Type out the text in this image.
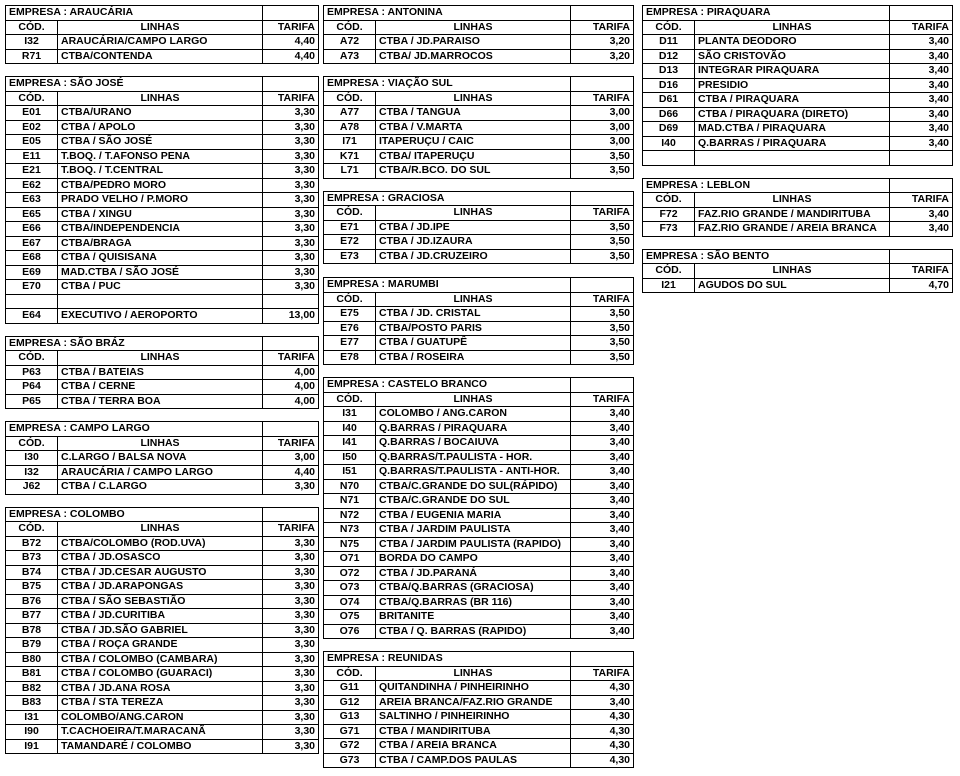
EMPRESA : ARAUCÁRIA		
CÓD.	LINHAS	TARIFA
I32	ARAUCÁRIA/CAMPO LARGO	4,40
R71	CTBA/CONTENDA	4,40
EMPRESA : SÃO JOSÉ		
CÓD.	LINHAS	TARIFA
E01	CTBA/URANO	3,30
E02	CTBA / APOLO	3,30
E05	CTBA / SÃO JOSÉ	3,30
E11	T.BOQ. / T.AFONSO PENA	3,30
E21	T.BOQ. / T.CENTRAL	3,30
E62	CTBA/PEDRO MORO	3,30
E63	PRADO VELHO / P.MORO	3,30
E65	CTBA / XINGU	3,30
E66	CTBA/INDEPENDENCIA	3,30
E67	CTBA/BRAGA	3,30
E68	CTBA / QUISISANA	3,30
E69	MAD.CTBA / SÃO JOSÉ	3,30
E70	CTBA / PUC	3,30

E64	EXECUTIVO / AEROPORTO	13,00
EMPRESA : SÃO BRÁZ		
CÓD.	LINHAS	TARIFA
P63	CTBA / BATEIAS	4,00
P64	CTBA / CERNE	4,00
P65	CTBA / TERRA BOA	4,00
EMPRESA : CAMPO LARGO		
CÓD.	LINHAS	TARIFA
I30	C.LARGO / BALSA NOVA	3,00
I32	ARAUCÁRIA / CAMPO LARGO	4,40
J62	CTBA / C.LARGO	3,30
EMPRESA : COLOMBO		
CÓD.	LINHAS	TARIFA
B72	CTBA/COLOMBO (ROD.UVA)	3,30
B73	CTBA / JD.OSASCO	3,30
B74	CTBA / JD.CESAR AUGUSTO	3,30
B75	CTBA / JD.ARAPONGAS	3,30
B76	CTBA / SÃO SEBASTIÃO	3,30
B77	CTBA / JD.CURITIBA	3,30
B78	CTBA / JD.SÃO GABRIEL	3,30
B79	CTBA / ROÇA GRANDE	3,30
B80	CTBA / COLOMBO (CAMBARA)	3,30
B81	CTBA / COLOMBO (GUARACI)	3,30
B82	CTBA / JD.ANA ROSA	3,30
B83	CTBA / STA TEREZA	3,30
I31	COLOMBO/ANG.CARON	3,30
I90	T.CACHOEIRA/T.MARACANÃ	3,30
I91	TAMANDARÉ / COLOMBO	3,30
EMPRESA : ANTONINA		
CÓD.	LINHAS	TARIFA
A72	CTBA / JD.PARAISO	3,20
A73	CTBA/ JD.MARROCOS	3,20
EMPRESA : VIAÇÃO SUL		
CÓD.	LINHAS	TARIFA
A77	CTBA / TANGUA	3,00
A78	CTBA / V.MARTA	3,00
I71	ITAPERUÇU / CAIC	3,00
K71	CTBA/ ITAPERUÇU	3,50
L71	CTBA/R.BCO. DO SUL	3,50
EMPRESA : GRACIOSA		
CÓD.	LINHAS	TARIFA
E71	CTBA / JD.IPE	3,50
E72	CTBA / JD.IZAURA	3,50
E73	CTBA / JD.CRUZEIRO	3,50
EMPRESA : MARUMBI		
CÓD.	LINHAS	TARIFA
E75	CTBA / JD. CRISTAL	3,50
E76	CTBA/POSTO PARIS	3,50
E77	CTBA / GUATUPÊ	3,50
E78	CTBA / ROSEIRA	3,50
EMPRESA : CASTELO BRANCO		
CÓD.	LINHAS	TARIFA
I31	COLOMBO / ANG.CARON	3,40
I40	Q.BARRAS / PIRAQUARA	3,40
I41	Q.BARRAS / BOCAIUVA	3,40
I50	Q.BARRAS/T.PAULISTA - HOR.	3,40
I51	Q.BARRAS/T.PAULISTA - ANTI-HOR.	3,40
N70	CTBA/C.GRANDE DO SUL(RÁPIDO)	3,40
N71	CTBA/C.GRANDE DO SUL	3,40
N72	CTBA / EUGENIA MARIA	3,40
N73	CTBA / JARDIM PAULISTA	3,40
N75	CTBA / JARDIM PAULISTA (RAPIDO)	3,40
O71	BORDA DO CAMPO	3,40
O72	CTBA / JD.PARANÁ	3,40
O73	CTBA/Q.BARRAS (GRACIOSA)	3,40
O74	CTBA/Q.BARRAS (BR 116)	3,40
O75	BRITANITE	3,40
O76	CTBA / Q. BARRAS (RAPIDO)	3,40
EMPRESA : REUNIDAS		
CÓD.	LINHAS	TARIFA
G11	QUITANDINHA / PINHEIRINHO	4,30
G12	AREIA BRANCA/FAZ.RIO GRANDE	3,40
G13	SALTINHO / PINHEIRINHO	4,30
G71	CTBA / MANDIRITUBA	4,30
G72	CTBA / AREIA BRANCA	4,30
G73	CTBA / CAMP.DOS PAULAS	4,30
EMPRESA : PIRAQUARA		
CÓD.	LINHAS	TARIFA
D11	PLANTA DEODORO	3,40
D12	SÃO CRISTOVÃO	3,40
D13	INTEGRAR PIRAQUARA	3,40
D16	PRESIDIO	3,40
D61	CTBA / PIRAQUARA	3,40
D66	CTBA / PIRAQUARA (DIRETO)	3,40
D69	MAD.CTBA / PIRAQUARA	3,40
I40	Q.BARRAS / PIRAQUARA	3,40

EMPRESA : LEBLON		
CÓD.	LINHAS	TARIFA
F72	FAZ.RIO GRANDE / MANDIRITUBA	3,40
F73	FAZ.RIO GRANDE / AREIA BRANCA	3,40
EMPRESA : SÃO BENTO		
CÓD.	LINHAS	TARIFA
I21	AGUDOS DO SUL	4,70
